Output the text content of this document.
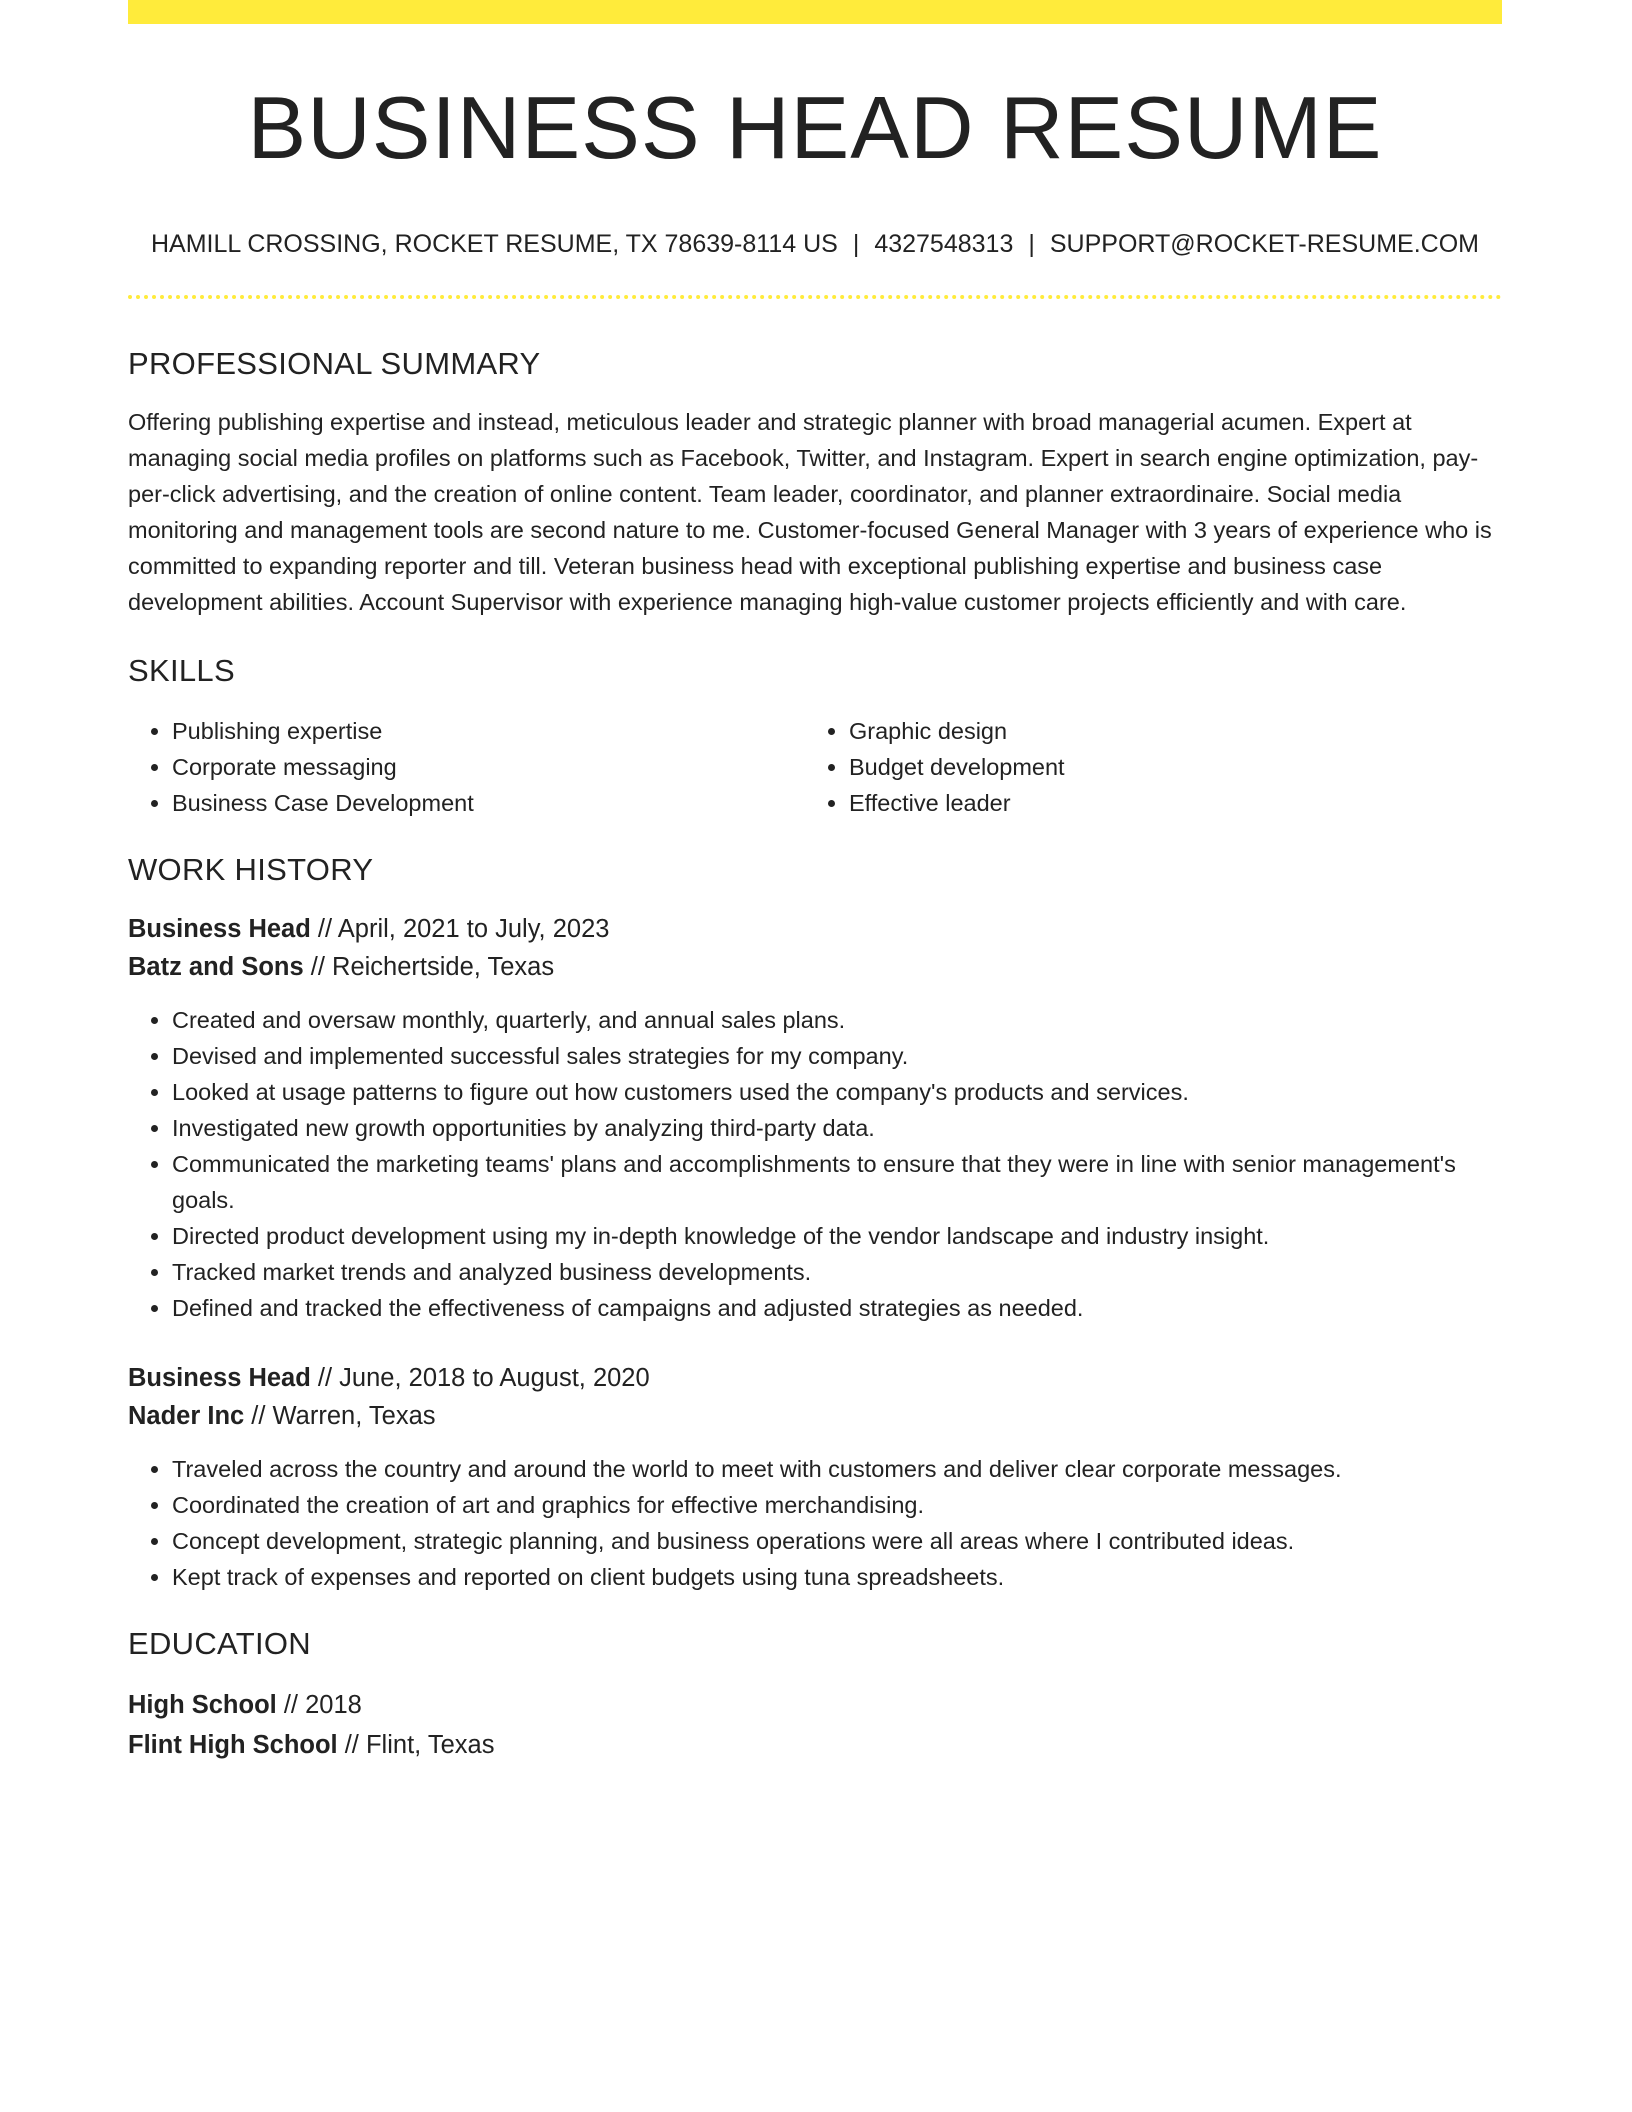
BUSINESS HEAD RESUME
HAMILL CROSSING, ROCKET RESUME, TX 78639-8114 US | 4327548313 | SUPPORT@ROCKET-RESUME.COM
PROFESSIONAL SUMMARY

Offering publishing expertise and instead, meticulous leader and strategic planner with broad managerial acumen. Expert at managing social media profiles on platforms such as Facebook, Twitter, and Instagram. Expert in search engine optimization, pay-per-click advertising, and the creation of online content. Team leader, coordinator, and planner extraordinaire. Social media monitoring and management tools are second nature to me. Customer-focused General Manager with 3 years of experience who is committed to expanding reporter and till. Veteran business head with exceptional publishing expertise and business case development abilities. Account Supervisor with experience managing high-value customer projects efficiently and with care.

SKILLS
• Publishing expertise
• Corporate messaging
• Business Case Development
• Graphic design
• Budget development
• Effective leader
WORK HISTORY
Business Head // April, 2021 to July, 2023
Batz and Sons // Reichertside, Texas
• Created and oversaw monthly, quarterly, and annual sales plans.
• Devised and implemented successful sales strategies for my company.
• Looked at usage patterns to figure out how customers used the company's products and services.
• Investigated new growth opportunities by analyzing third-party data.
• Communicated the marketing teams' plans and accomplishments to ensure that they were in line with senior management's goals.
• Directed product development using my in-depth knowledge of the vendor landscape and industry insight.
• Tracked market trends and analyzed business developments.
• Defined and tracked the effectiveness of campaigns and adjusted strategies as needed.
Business Head // June, 2018 to August, 2020
Nader Inc // Warren, Texas
• Traveled across the country and around the world to meet with customers and deliver clear corporate messages.
• Coordinated the creation of art and graphics for effective merchandising.
• Concept development, strategic planning, and business operations were all areas where I contributed ideas.
• Kept track of expenses and reported on client budgets using tuna spreadsheets.
EDUCATION
High School // 2018
Flint High School // Flint, Texas
